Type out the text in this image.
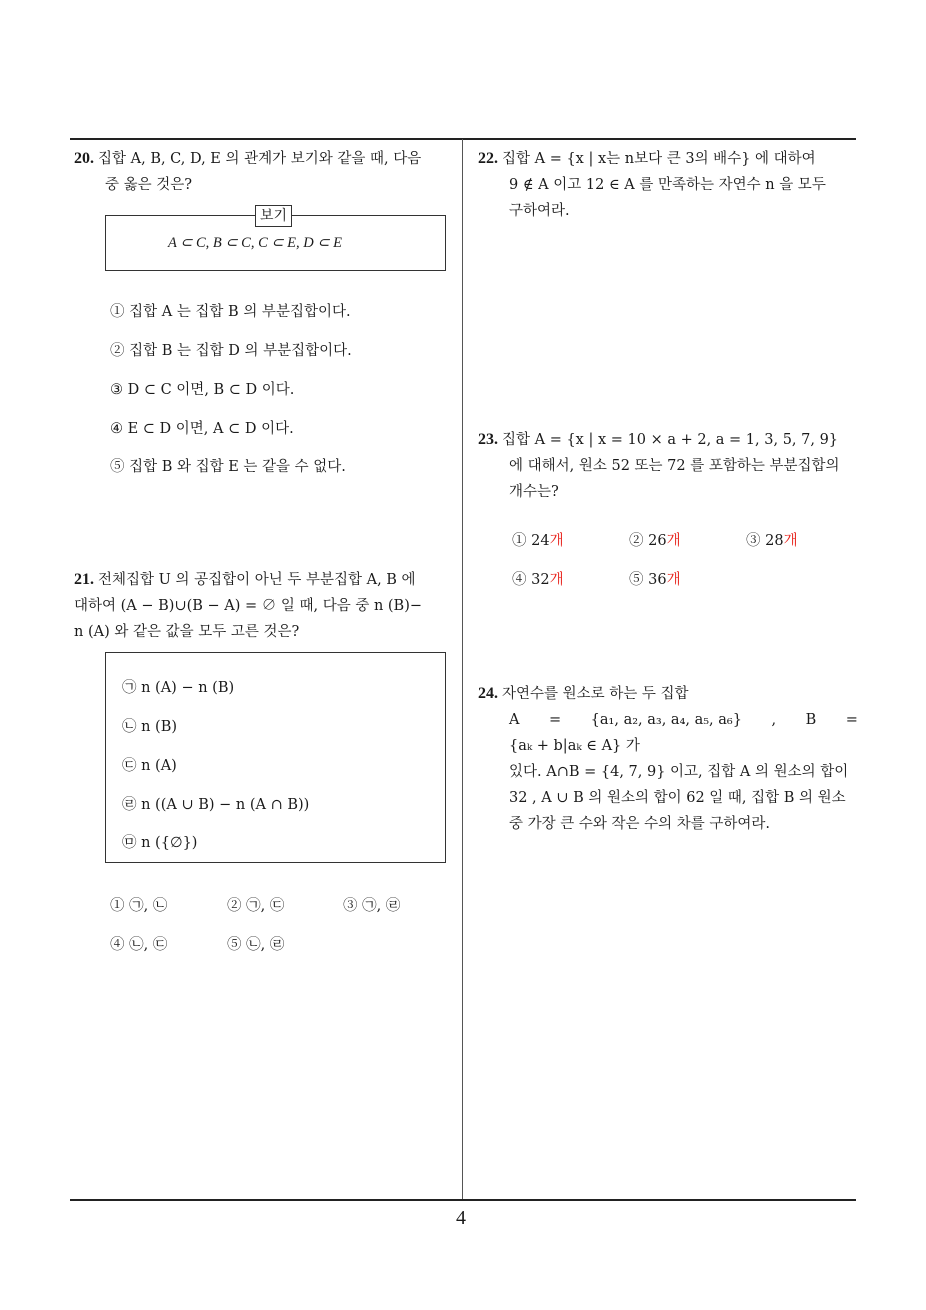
20. 집합 A, B, C, D, E 의 관계가 보기와 같을 때, 다음
중 옳은 것은?
보기
A ⊂ C, B ⊂ C, C ⊂ E, D ⊂ E
① 집합 A 는 집합 B 의 부분집합이다.
② 집합 B 는 집합 D 의 부분집합이다.
③ D ⊂ C 이면, B ⊂ D 이다.
④ E ⊂ D 이면, A ⊂ D 이다.
⑤ 집합 B 와 집합 E 는 같을 수 없다.
21. 전체집합 U 의 공집합이 아닌 두 부분집합 A, B 에
대하여 (A − B)∪(B − A) = ∅ 일 때, 다음 중 n (B)−
n (A) 와 같은 값을 모두 고른 것은?
㉠ n (A) − n (B)
㉡ n (B)
㉢ n (A)
㉣ n ((A ∪ B) − n (A ∩ B))
㉤ n ({∅})
① ㉠, ㉡	② ㉠, ㉢	③ ㉠, ㉣
④ ㉡, ㉢	⑤ ㉡, ㉣
22. 집합 A = {x | x는 n보다 큰 3의 배수} 에 대하여
9 ∉ A 이고 12 ∈ A 를 만족하는 자연수 n 을 모두
구하여라.
23. 집합 A = {x | x = 10 × a + 2, a = 1, 3, 5, 7, 9}
에 대해서, 원소 52 또는 72 를 포함하는 부분집합의
개수는?
① 24개	② 26개	③ 28개
④ 32개	⑤ 36개
24. 자연수를 원소로 하는 두 집합
A = {a₁, a₂, a₃, a₄, a₅, a₆} , B =
{aₖ + b|aₖ ∈ A} 가
있다. A∩B = {4, 7, 9} 이고, 집합 A 의 원소의 합이
32 , A ∪ B 의 원소의 합이 62 일 때, 집합 B 의 원소
중 가장 큰 수와 작은 수의 차를 구하여라.
4
